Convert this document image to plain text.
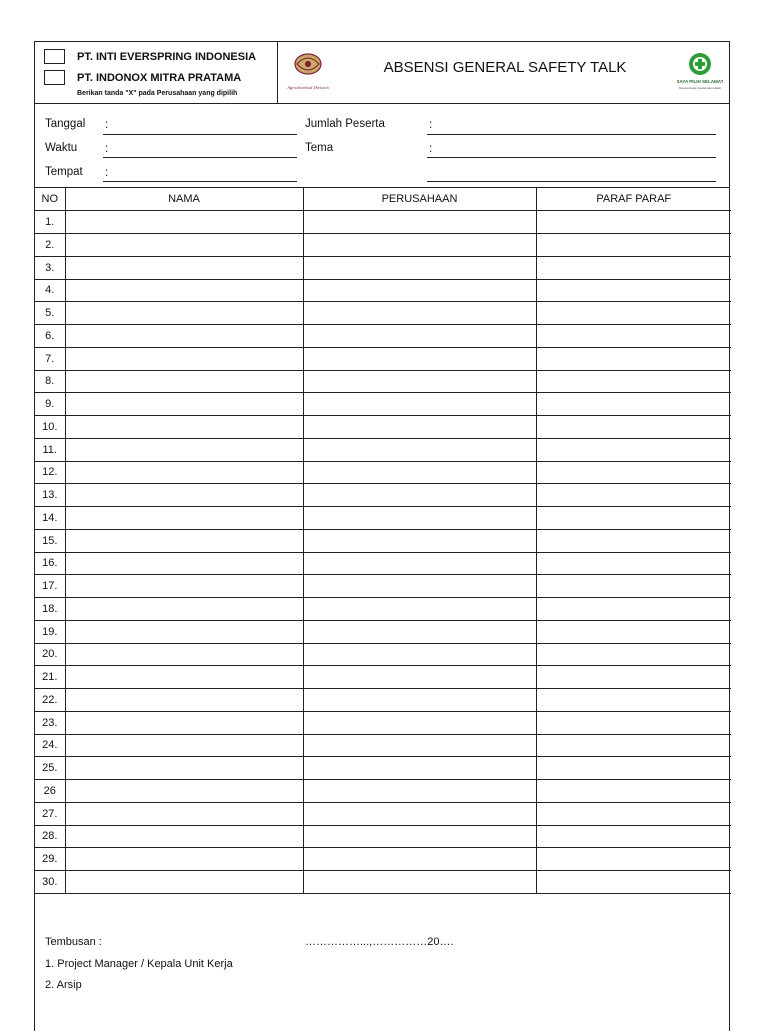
PT. INTI EVERSPRING INDONESIA
PT. INDONOX MITRA PRATAMA
Berikan tanda "X" pada Perusahaan yang dipilih
Agrochemical Division
ABSENSI GENERAL SAFETY TALK
SAYA PILIH SELAMAT
Bekerja dengan keselamatan adalah
Tanggal :
Waktu :
Tempat :
Jumlah Peserta	:
Tema	:
NO	NAMA	PERUSAHAAN	PARAF PARAF
1.			
2.			
3.			
4.			
5.			
6.			
7.			
8.			
9.			
10.			
11.			
12.			
13.			
14.			
15.			
16.			
17.			
18.			
19.			
20.			
21.			
22.			
23.			
24.			
25.			
26			
27.			
28.			
29.			
30.			
Tembusan :	……………...,……………20….
1. Project Manager / Kepala Unit Kerja
2. Arsip
